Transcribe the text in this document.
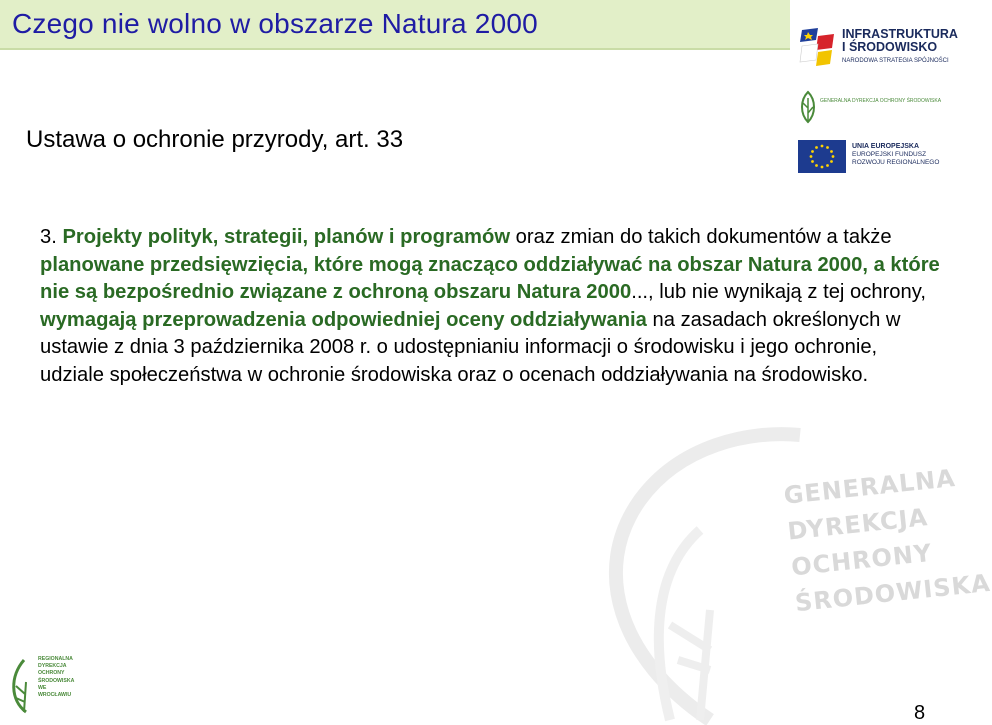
Czego nie wolno w obszarze Natura 2000
Ustawa o ochronie przyrody, art. 33
3. Projekty polityk, strategii, planów i programów oraz zmian do takich dokumentów a także planowane przedsięwzięcia, które mogą znacząco oddziaływać na obszar Natura 2000, a które nie są bezpośrednio związane z ochroną obszaru Natura 2000..., lub nie wynikają z tej ochrony, wymagają przeprowadzenia odpowiedniej oceny oddziaływania na zasadach określonych w ustawie z dnia 3 października 2008 r. o udostępnianiu informacji o środowisku i jego ochronie, udziale społeczeństwa w ochronie środowiska oraz o ocenach oddziaływania na środowisko.
GENERALNA
DYREKCJA
OCHRONY
ŚRODOWISKA
INFRASTRUKTURA
I ŚRODOWISKO
NARODOWA STRATEGIA SPÓJNOŚCI
GENERALNA DYREKCJA OCHRONY ŚRODOWISKA
UNIA EUROPEJSKA
EUROPEJSKI FUNDUSZ
ROZWOJU REGIONALNEGO
REGIONALNA
DYREKCJA
OCHRONY
ŚRODOWISKA
WE WROCŁAWIU
8
